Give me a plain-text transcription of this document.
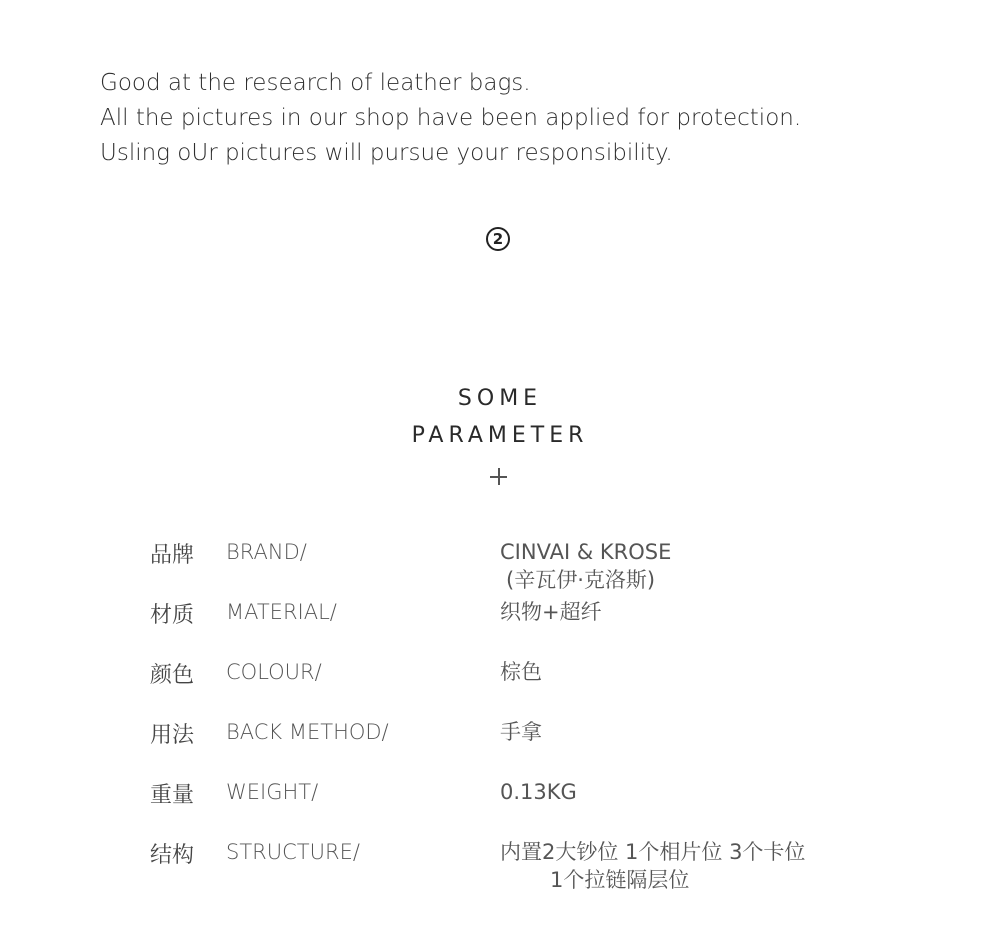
Good at the research of leather bags.
All the pictures in our shop have been applied for protection.
Usling oUr pictures will pursue your responsibility.
2
SOME
PARAMETER
品牌 BRAND/	CINVAI & KROSE
(辛瓦伊·克洛斯)
材质 MATERIAL/	织物+超纤
颜色 COLOUR/	棕色
用法 BACK METHOD/	手拿
重量 WEIGHT/	0.13KG
结构 STRUCTURE/	内置2大钞位 1个相片位 3个卡位
1个拉链隔层位
